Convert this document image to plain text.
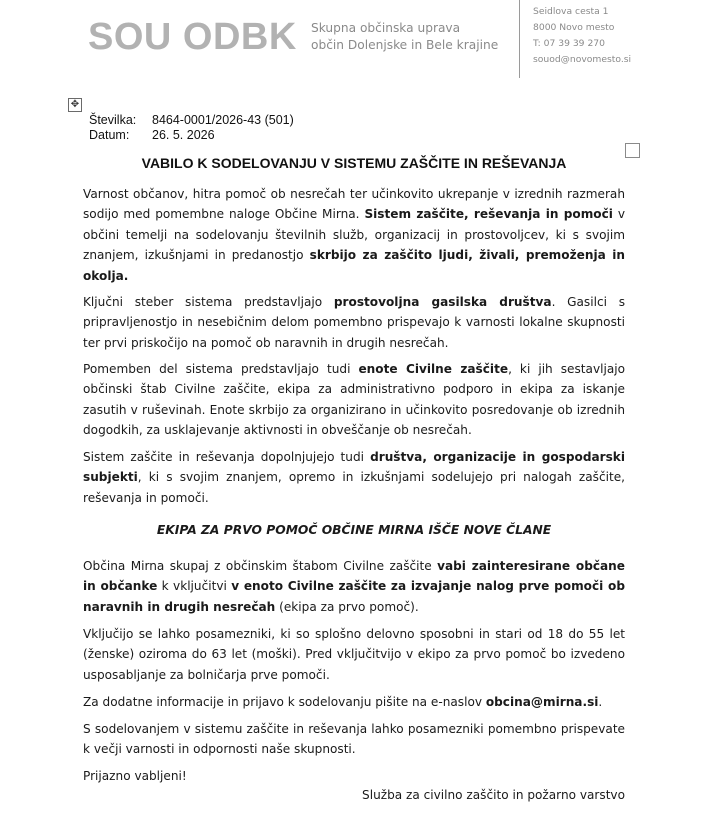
SOU ODBK Skupna občinska uprava
občin Dolenjske in Bele krajine
Seidlova cesta 1
8000 Novo mesto
T: 07 39 39 270
souod@novomesto.si
✥
Številka:	8464-0001/2026-43 (501)
Datum:	26. 5. 2026
VABILO K SODELOVANJU V SISTEMU ZAŠČITE IN REŠEVANJA

Varnost občanov, hitra pomoč ob nesrečah ter učinkovito ukrepanje v izrednih razmerah sodijo med pomembne naloge Občine Mirna. Sistem zaščite, reševanja in pomoči v občini temelji na sodelovanju številnih služb, organizacij in prostovoljcev, ki s svojim znanjem, izkušnjami in predanostjo skrbijo za zaščito ljudi, živali, premoženja in okolja.

Ključni steber sistema predstavljajo prostovoljna gasilska društva. Gasilci s pripravljenostjo in nesebičnim delom pomembno prispevajo k varnosti lokalne skupnosti ter prvi priskočijo na pomoč ob naravnih in drugih nesrečah.

Pomemben del sistema predstavljajo tudi enote Civilne zaščite, ki jih sestavljajo občinski štab Civilne zaščite, ekipa za administrativno podporo in ekipa za iskanje zasutih v ruševinah. Enote skrbijo za organizirano in učinkovito posredovanje ob izrednih dogodkih, za usklajevanje aktivnosti in obveščanje ob nesrečah.

Sistem zaščite in reševanja dopolnjujejo tudi društva, organizacije in gospodarski subjekti, ki s svojim znanjem, opremo in izkušnjami sodelujejo pri nalogah zaščite, reševanja in pomoči.

EKIPA ZA PRVO POMOČ OBČINE MIRNA IŠČE NOVE ČLANE

Občina Mirna skupaj z občinskim štabom Civilne zaščite vabi zainteresirane občane in občanke k vključitvi v enoto Civilne zaščite za izvajanje nalog prve pomoči ob naravnih in drugih nesrečah (ekipa za prvo pomoč).

Vključijo se lahko posamezniki, ki so splošno delovno sposobni in stari od 18 do 55 let (ženske) oziroma do 63 let (moški). Pred vključitvijo v ekipo za prvo pomoč bo izvedeno usposabljanje za bolničarja prve pomoči.

Za dodatne informacije in prijavo k sodelovanju pišite na e-naslov obcina@mirna.si.

S sodelovanjem v sistemu zaščite in reševanja lahko posamezniki pomembno prispevate k večji varnosti in odpornosti naše skupnosti.

Prijazno vabljeni!

Služba za civilno zaščito in požarno varstvo
